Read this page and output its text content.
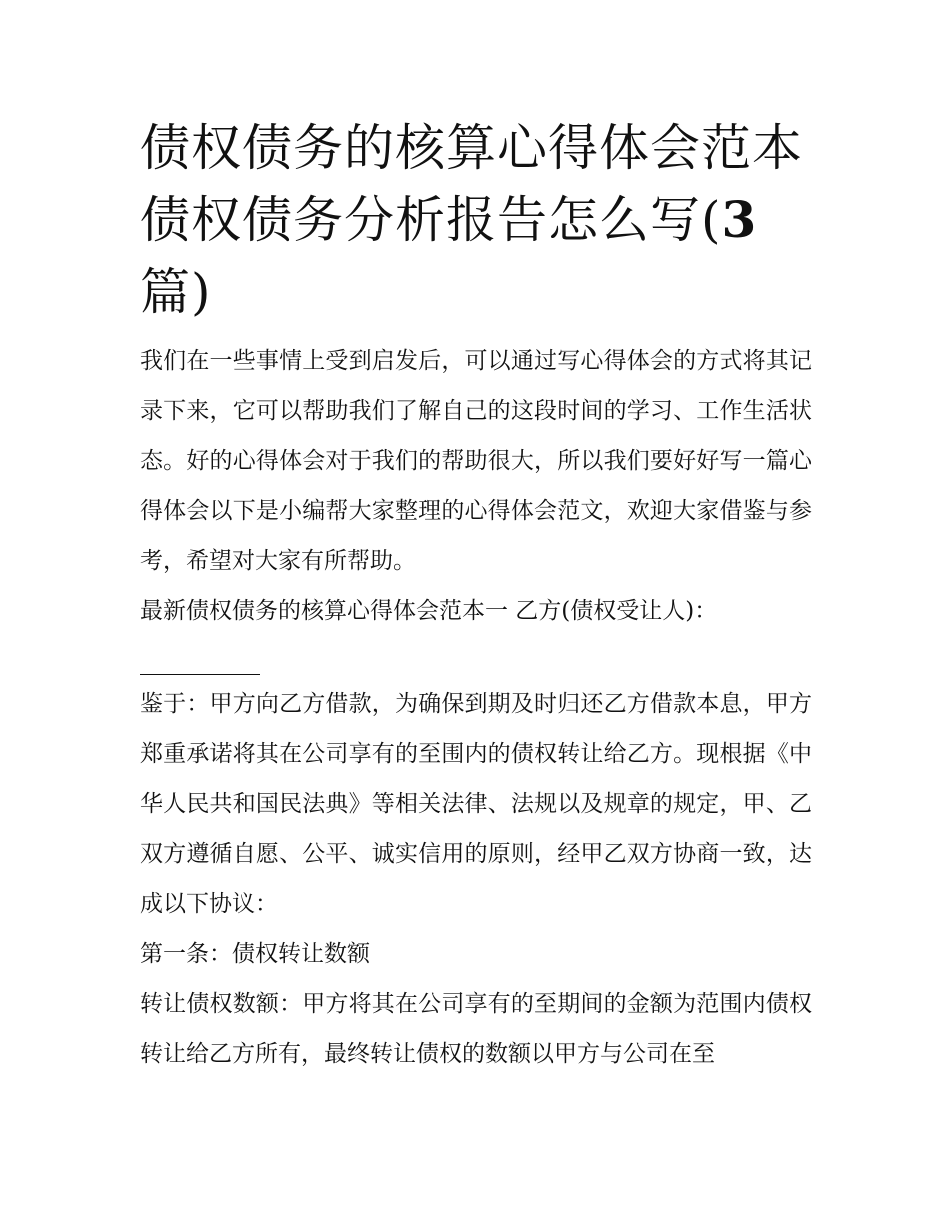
债权债务的核算心得体会范本
债权债务分析报告怎么写(3
篇)

我们在一些事情上受到启发后，可以通过写心得体会的方式将其记录下来，它可以帮助我们了解自己的这段时间的学习、工作生活状态。好的心得体会对于我们的帮助很大，所以我们要好好写一篇心得体会以下是小编帮大家整理的心得体会范文，欢迎大家借鉴与参考，希望对大家有所帮助。

最新债权债务的核算心得体会范本一 乙方(债权受让人)：

鉴于：甲方向乙方借款，为确保到期及时归还乙方借款本息，甲方郑重承诺将其在公司享有的至围内的债权转让给乙方。现根据《中华人民共和国民法典》等相关法律、法规以及规章的规定，甲、乙双方遵循自愿、公平、诚实信用的原则，经甲乙双方协商一致，达成以下协议：

第一条：债权转让数额

转让债权数额：甲方将其在公司享有的至期间的金额为范围内债权转让给乙方所有，最终转让债权的数额以甲方与公司在至
